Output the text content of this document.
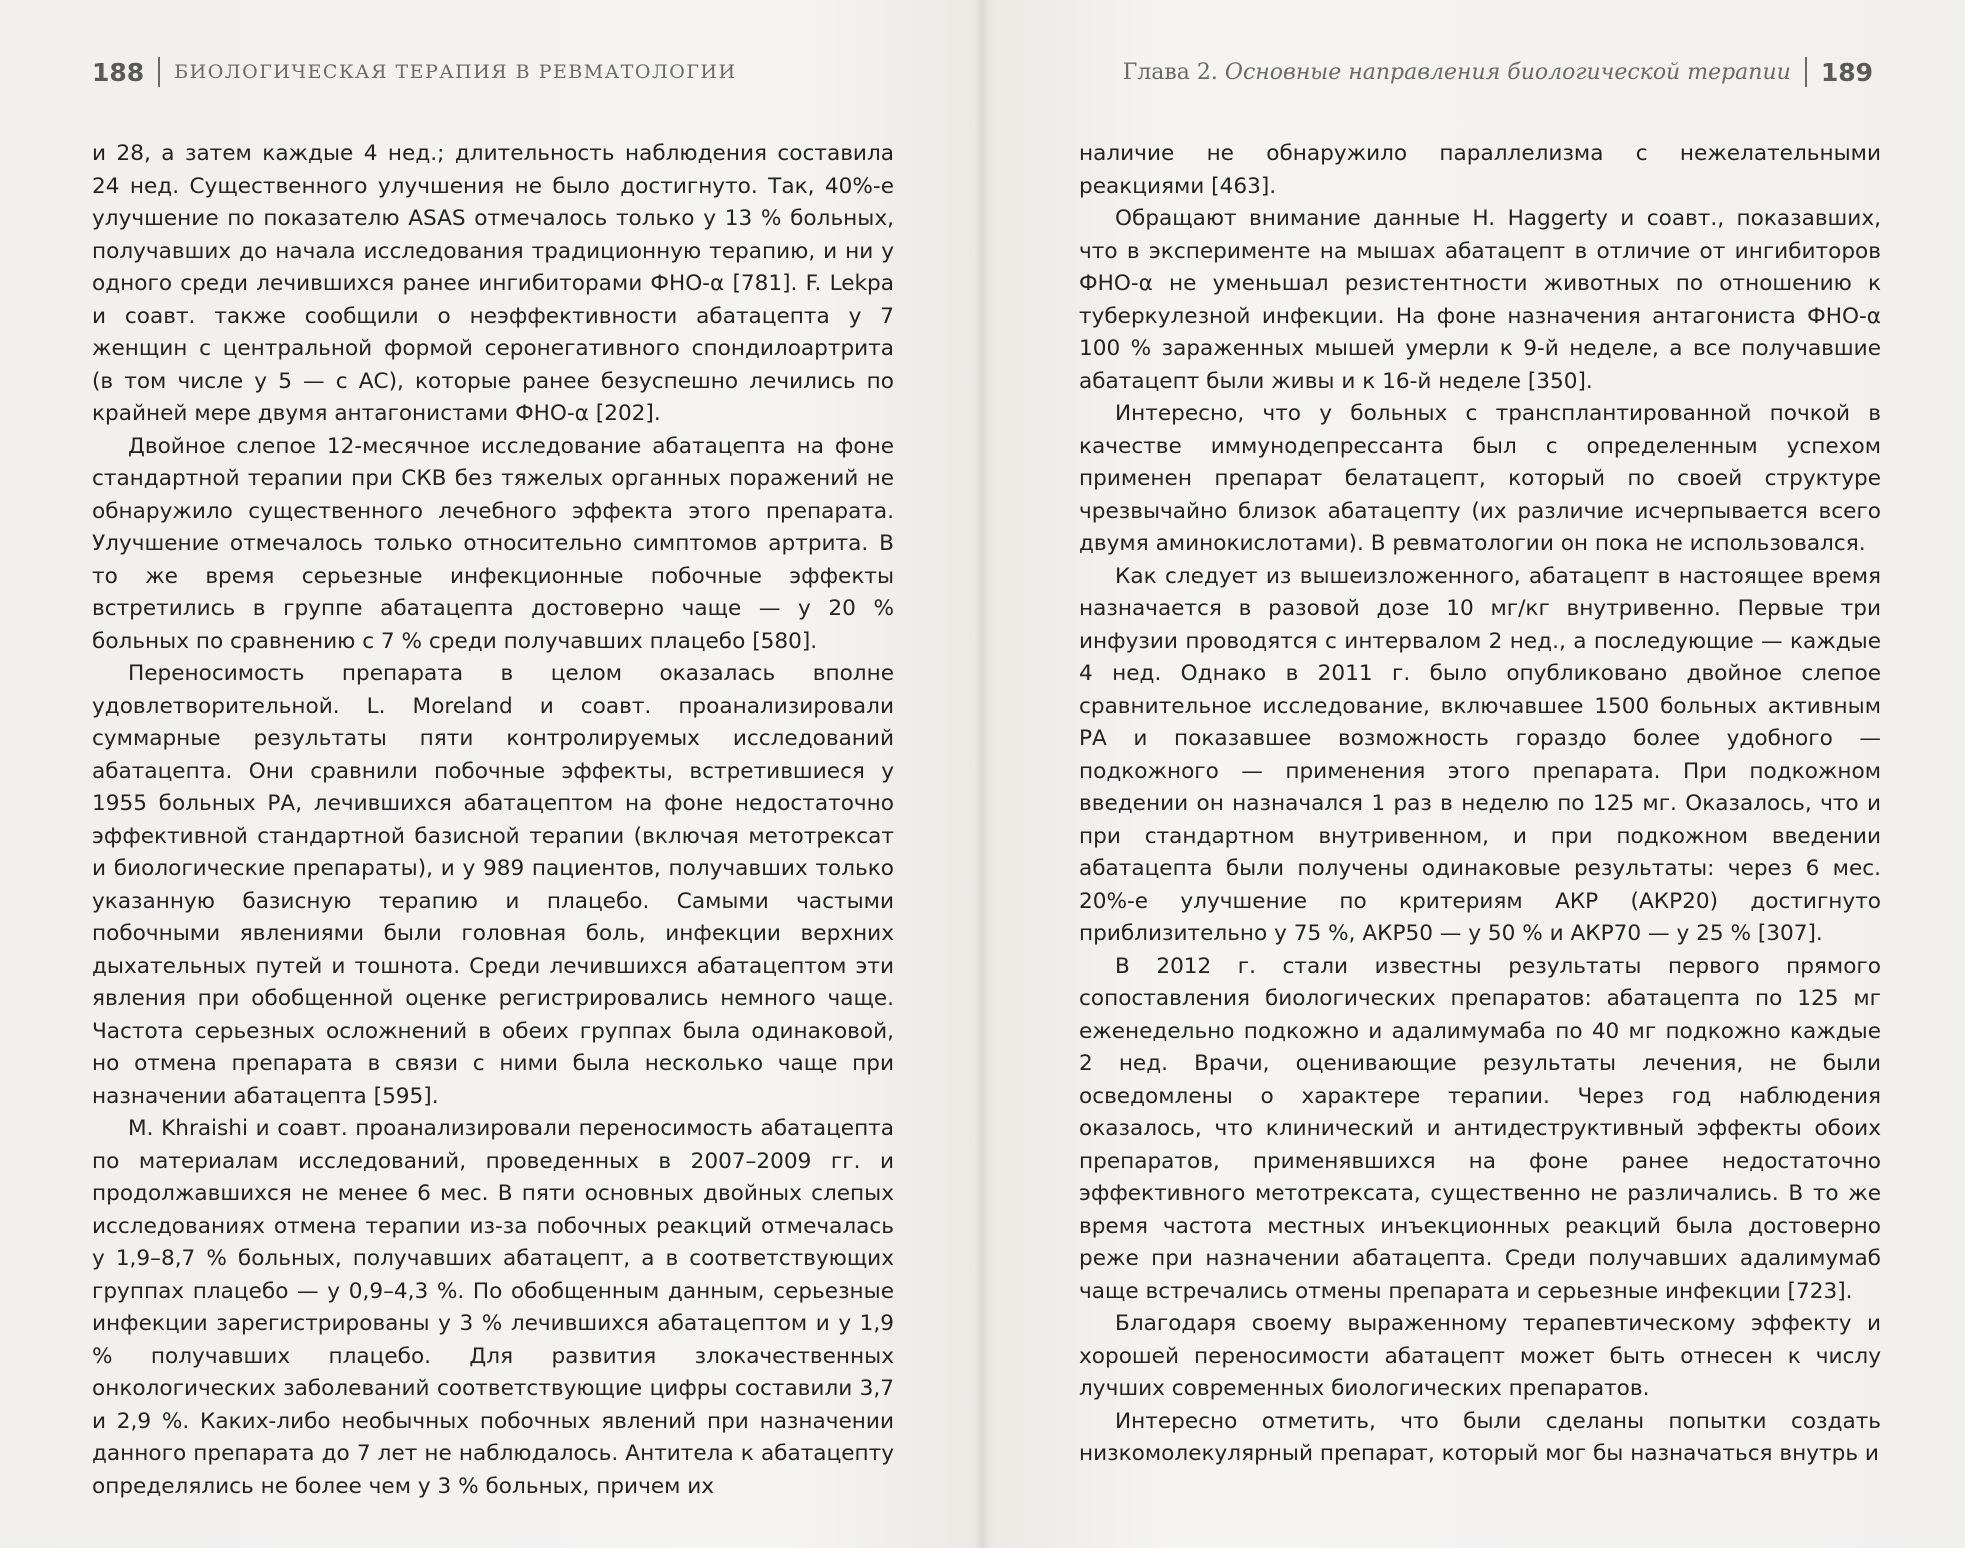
188 БИОЛОГИЧЕСКАЯ ТЕРАПИЯ В РЕВМАТОЛОГИИ

и 28, а затем каждые 4 нед.; длительность наблюдения составила 24 нед. Существенного улучшения не было достигнуто. Так, 40%-е улучшение по показателю ASAS отмечалось только у 13 % больных, получавших до начала исследования традиционную терапию, и ни у одного среди лечившихся ранее ингибиторами ФНО-α [781]. F. Lekpa и соавт. также сообщили о неэффективности абатацепта у 7 женщин с центральной формой серонегативного спондилоартрита (в том числе у 5 — с АС), которые ранее безуспешно лечились по крайней мере двумя антагонистами ФНО-α [202].

Двойное слепое 12-месячное исследование абатацепта на фоне стандартной терапии при СКВ без тяжелых органных поражений не обнаружило существенного лечебного эффекта этого препарата. Улучшение отмечалось только относительно симптомов артрита. В то же время серьезные инфекционные побочные эффекты встретились в группе абатацепта достоверно чаще — у 20 % больных по сравнению с 7 % среди получавших плацебо [580].

Переносимость препарата в целом оказалась вполне удовлетворительной. L. Moreland и соавт. проанализировали суммарные результаты пяти контролируемых исследований абатацепта. Они сравнили побочные эффекты, встретившиеся у 1955 больных РА, лечившихся абатацептом на фоне недостаточно эффективной стандартной базисной терапии (включая метотрексат и биологические препараты), и у 989 пациентов, получавших только указанную базисную терапию и плацебо. Самыми частыми побочными явлениями были головная боль, инфекции верхних дыхательных путей и тошнота. Среди лечившихся абатацептом эти явления при обобщенной оценке регистрировались немного чаще. Частота серьезных осложнений в обеих группах была одинаковой, но отмена препарата в связи с ними была несколько чаще при назначении абатацепта [595].

M. Khraishi и соавт. проанализировали переносимость абатацепта по материалам исследований, проведенных в 2007–2009 гг. и продолжавшихся не менее 6 мес. В пяти основных двойных слепых исследованиях отмена терапии из-за побочных реакций отмечалась у 1,9–8,7 % больных, получавших абатацепт, а в соответствующих группах плацебо — у 0,9–4,3 %. По обобщенным данным, серьезные инфекции зарегистрированы у 3 % лечившихся абатацептом и у 1,9 % получавших плацебо. Для развития злокачественных онкологических заболеваний соответствующие цифры составили 3,7 и 2,9 %. Каких-либо необычных побочных явлений при назначении данного препарата до 7 лет не наблюдалось. Антитела к абатацепту определялись не более чем у 3 % больных, причем их

Глава 2. Основные направления биологической терапии 189

наличие не обнаружило параллелизма с нежелательными реакциями [463].

Обращают внимание данные H. Haggerty и соавт., показавших, что в эксперименте на мышах абатацепт в отличие от ингибиторов ФНО-α не уменьшал резистентности животных по отношению к туберкулезной инфекции. На фоне назначения антагониста ФНО-α 100 % зараженных мышей умерли к 9-й неделе, а все получавшие абатацепт были живы и к 16-й неделе [350].

Интересно, что у больных с трансплантированной почкой в качестве иммунодепрессанта был с определенным успехом применен препарат белатацепт, который по своей структуре чрезвычайно близок абатацепту (их различие исчерпывается всего двумя аминокислотами). В ревматологии он пока не использовался.

Как следует из вышеизложенного, абатацепт в настоящее время назначается в разовой дозе 10 мг/кг внутривенно. Первые три инфузии проводятся с интервалом 2 нед., а последующие — каждые 4 нед. Однако в 2011 г. было опубликовано двойное слепое сравнительное исследование, включавшее 1500 больных активным РА и показавшее возможность гораздо более удобного — подкожного — применения этого препарата. При подкожном введении он назначался 1 раз в неделю по 125 мг. Оказалось, что и при стандартном внутривенном, и при подкожном введении абатацепта были получены одинаковые результаты: через 6 мес. 20%-е улучшение по критериям АКР (АКР20) достигнуто приблизительно у 75 %, АКР50 — у 50 % и АКР70 — у 25 % [307].

В 2012 г. стали известны результаты первого прямого сопоставления биологических препаратов: абатацепта по 125 мг еженедельно подкожно и адалимумаба по 40 мг подкожно каждые 2 нед. Врачи, оценивающие результаты лечения, не были осведомлены о характере терапии. Через год наблюдения оказалось, что клинический и антидеструктивный эффекты обоих препаратов, применявшихся на фоне ранее недостаточно эффективного метотрексата, существенно не различались. В то же время частота местных инъекционных реакций была достоверно реже при назначении абатацепта. Среди получавших адалимумаб чаще встречались отмены препарата и серьезные инфекции [723].

Благодаря своему выраженному терапевтическому эффекту и хорошей переносимости абатацепт может быть отнесен к числу лучших современных биологических препаратов.

Интересно отметить, что были сделаны попытки создать низкомолекулярный препарат, который мог бы назначаться внутрь и
